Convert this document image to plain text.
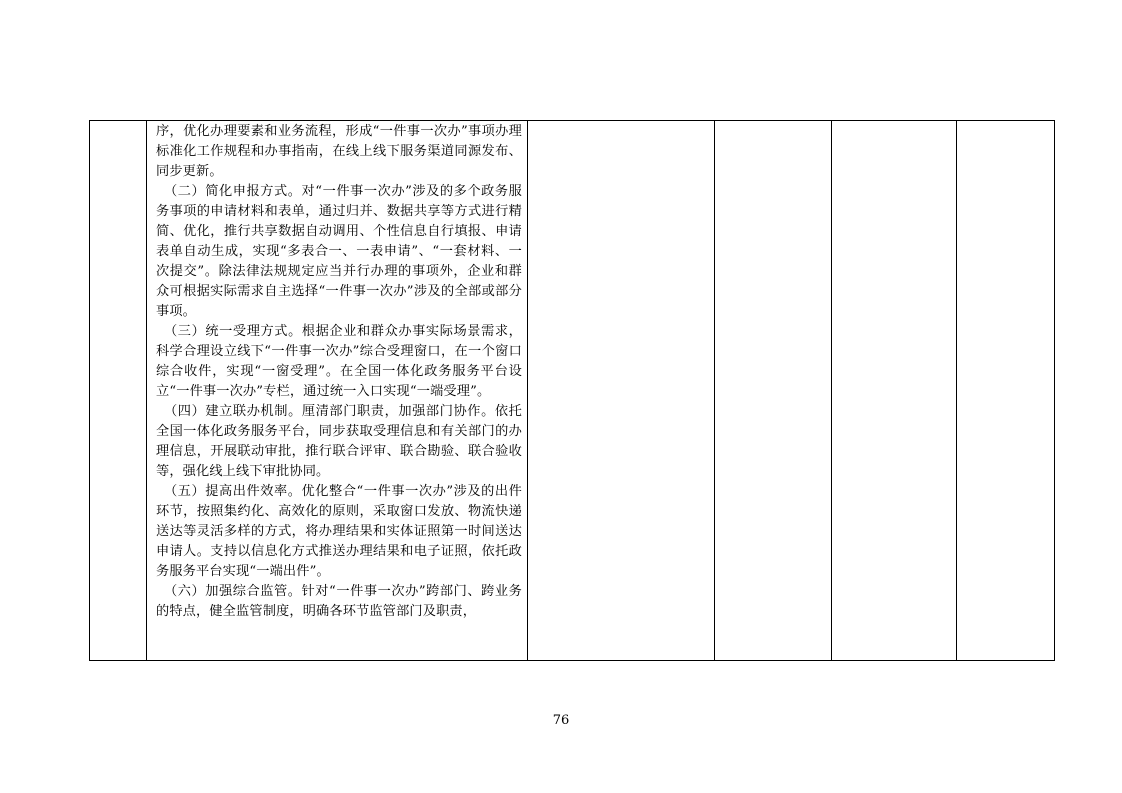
序，优化办理要素和业务流程，形成“一件事一次办”事项办理标准化工作规程和办事指南，在线上线下服务渠道同源发布、同步更新。

（二）简化申报方式。对“一件事一次办”涉及的多个政务服务事项的申请材料和表单，通过归并、数据共享等方式进行精简、优化，推行共享数据自动调用、个性信息自行填报、申请表单自动生成，实现“多表合一、一表申请”、“一套材料、一次提交”。除法律法规规定应当并行办理的事项外，企业和群众可根据实际需求自主选择“一件事一次办”涉及的全部或部分事项。

（三）统一受理方式。根据企业和群众办事实际场景需求，科学合理设立线下“一件事一次办”综合受理窗口，在一个窗口综合收件，实现“一窗受理”。在全国一体化政务服务平台设立“一件事一次办”专栏，通过统一入口实现“一端受理”。

（四）建立联办机制。厘清部门职责，加强部门协作。依托全国一体化政务服务平台，同步获取受理信息和有关部门的办理信息，开展联动审批，推行联合评审、联合勘验、联合验收等，强化线上线下审批协同。

（五）提高出件效率。优化整合“一件事一次办”涉及的出件环节，按照集约化、高效化的原则，采取窗口发放、物流快递送达等灵活多样的方式，将办理结果和实体证照第一时间送达申请人。支持以信息化方式推送办理结果和电子证照，依托政务服务平台实现“一端出件”。

（六）加强综合监管。针对“一件事一次办”跨部门、跨业务的特点，健全监管制度，明确各环节监管部门及职责，

76
